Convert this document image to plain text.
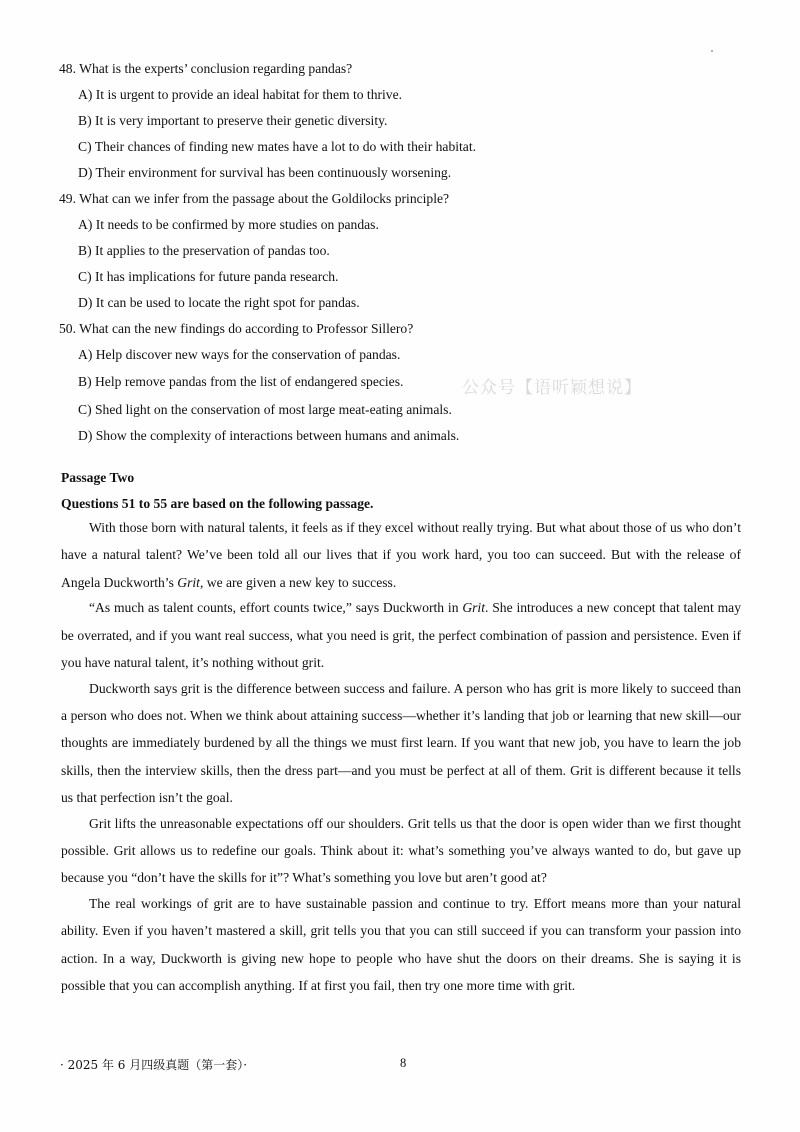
48. What is the experts’ conclusion regarding pandas?
A) It is urgent to provide an ideal habitat for them to thrive.
B) It is very important to preserve their genetic diversity.
C) Their chances of finding new mates have a lot to do with their habitat.
D) Their environment for survival has been continuously worsening.
49. What can we infer from the passage about the Goldilocks principle?
A) It needs to be confirmed by more studies on pandas.
B) It applies to the preservation of pandas too.
C) It has implications for future panda research.
D) It can be used to locate the right spot for pandas.
50. What can the new findings do according to Professor Sillero?
A) Help discover new ways for the conservation of pandas.
B) Help remove pandas from the list of endangered species.
C) Shed light on the conservation of most large meat-eating animals.
D) Show the complexity of interactions between humans and animals.
公众号【语听颖想说】
Passage Two
Questions 51 to 55 are based on the following passage.

With those born with natural talents, it feels as if they excel without really trying. But what about those of us who don’t have a natural talent? We’ve been told all our lives that if you work hard, you too can succeed. But with the release of Angela Duckworth’s Grit, we are given a new key to success.

“As much as talent counts, effort counts twice,” says Duckworth in Grit. She introduces a new concept that talent may be overrated, and if you want real success, what you need is grit, the perfect combination of passion and persistence. Even if you have natural talent, it’s nothing without grit.

Duckworth says grit is the difference between success and failure. A person who has grit is more likely to succeed than a person who does not. When we think about attaining success—whether it’s landing that job or learning that new skill—our thoughts are immediately burdened by all the things we must first learn. If you want that new job, you have to learn the job skills, then the interview skills, then the dress part—and you must be perfect at all of them. Grit is different because it tells us that perfection isn’t the goal.

Grit lifts the unreasonable expectations off our shoulders. Grit tells us that the door is open wider than we first thought possible. Grit allows us to redefine our goals. Think about it: what’s something you’ve always wanted to do, but gave up because you “don’t have the skills for it”? What’s something you love but aren’t good at?

The real workings of grit are to have sustainable passion and continue to try. Effort means more than your natural ability. Even if you haven’t mastered a skill, grit tells you that you can still succeed if you can transform your passion into action. In a way, Duckworth is giving new hope to people who have shut the doors on their dreams. She is saying it is possible that you can accomplish anything. If at first you fail, then try one more time with grit.

· 2025 年 6 月四级真题（第一套）·	8
